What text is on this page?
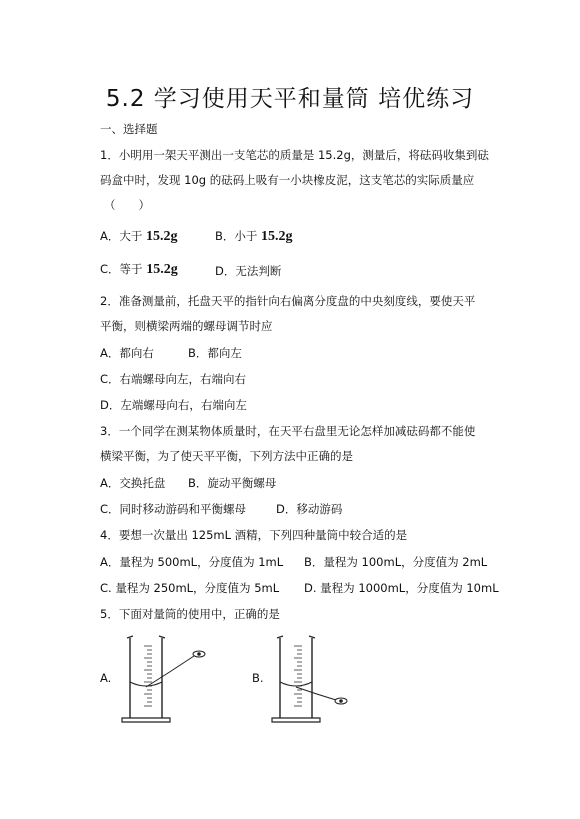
5.2 学习使用天平和量筒 培优练习
一、选择题
1．小明用一架天平测出一支笔芯的质量是 15.2g，测量后，将砝码收集到砝
码盒中时，发现 10g 的砝码上吸有一小块橡皮泥，这支笔芯的实际质量应
（　　）
A．大于 15.2g	B．小于 15.2g
C．等于 15.2g	D．无法判断
2．准备测量前，托盘天平的指针向右偏离分度盘的中央刻度线，要使天平
平衡，则横梁两端的螺母调节时应
A．都向右	B．都向左
C．右端螺母向左，右端向右
D．左端螺母向右，右端向左
3．一个同学在测某物体质量时，在天平右盘里无论怎样加减砝码都不能使
横梁平衡，为了使天平平衡，下列方法中正确的是
A．交换托盘 B．旋动平衡螺母
C．同时移动游码和平衡螺母	D．移动游码
4．要想一次量出 125mL 酒精，下列四种量筒中较合适的是
A．量程为 500mL，分度值为 1mL B．量程为 100mL，分度值为 2mL
C. 量程为 250mL，分度值为 5mL D. 量程为 1000mL，分度值为 10mL
5．下面对量筒的使用中，正确的是
A.	B.
